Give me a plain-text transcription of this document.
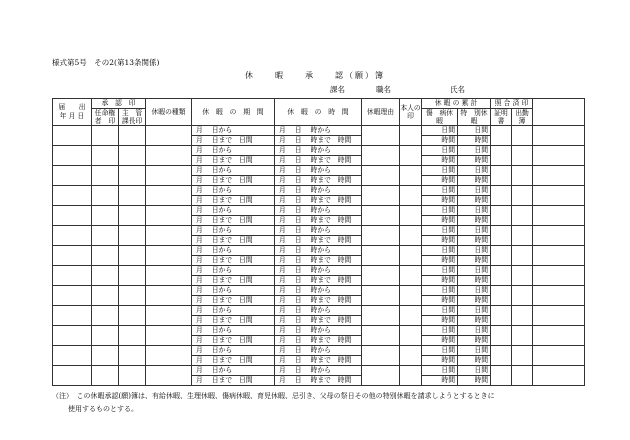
様式第5号　その2(第13条関係)
休　　暇　　承　　認（願）簿
課名	職名	氏名
届　　出
年 月 日	承　認　印		休暇の種類	休　暇　の　期　間	休　暇　の　時　間	休暇理由	本人の印	休 暇 の 累 計		照 合 済 印		
	任命権者　印	主　管課長印						傷　病休　暇	特　別休　暇	証明書	出勤簿	

				月　 日から	月　 日　 時から			日間	日間			
				月　 日まで　日間	月　 日　 時まで　時間			時間	時間			
				月　 日から	月　 日　 時から			日間	日間			
				月　 日まで　日間	月　 日　 時まで　時間			時間	時間			
				月　 日から	月　 日　 時から			日間	日間			
				月　 日まで　日間	月　 日　 時まで　時間			時間	時間			
				月　 日から	月　 日　 時から			日間	日間			
				月　 日まで　日間	月　 日　 時まで　時間			時間	時間			
				月　 日から	月　 日　 時から			日間	日間			
				月　 日まで　日間	月　 日　 時まで　時間			時間	時間			
				月　 日から	月　 日　 時から			日間	日間			
				月　 日まで　日間	月　 日　 時まで　時間			時間	時間			
				月　 日から	月　 日　 時から			日間	日間			
				月　 日まで　日間	月　 日　 時まで　時間			時間	時間			
				月　 日から	月　 日　 時から			日間	日間			
				月　 日まで　日間	月　 日　 時まで　時間			時間	時間			
				月　 日から	月　 日　 時から			日間	日間			
				月　 日まで　日間	月　 日　 時まで　時間			時間	時間			
				月　 日から	月　 日　 時から			日間	日間			
				月　 日まで　日間	月　 日　 時まで　時間			時間	時間			
				月　 日から	月　 日　 時から			日間	日間			
				月　 日まで　日間	月　 日　 時まで　時間			時間	時間			
				月　 日から	月　 日　 時から			日間	日間			
				月　 日まで　日間	月　 日　 時まで　時間			時間	時間			
				月　 日から	月　 日　 時から			日間	日間			
				月　 日まで　日間	月　 日　 時まで　時間			時間	時間			
（注）　この休暇承認(願)簿は、有給休暇、生理休暇、傷病休暇、育児休暇、忌引き、父母の祭日その他の特別休暇を請求しようとするときに
使用するものとする。
